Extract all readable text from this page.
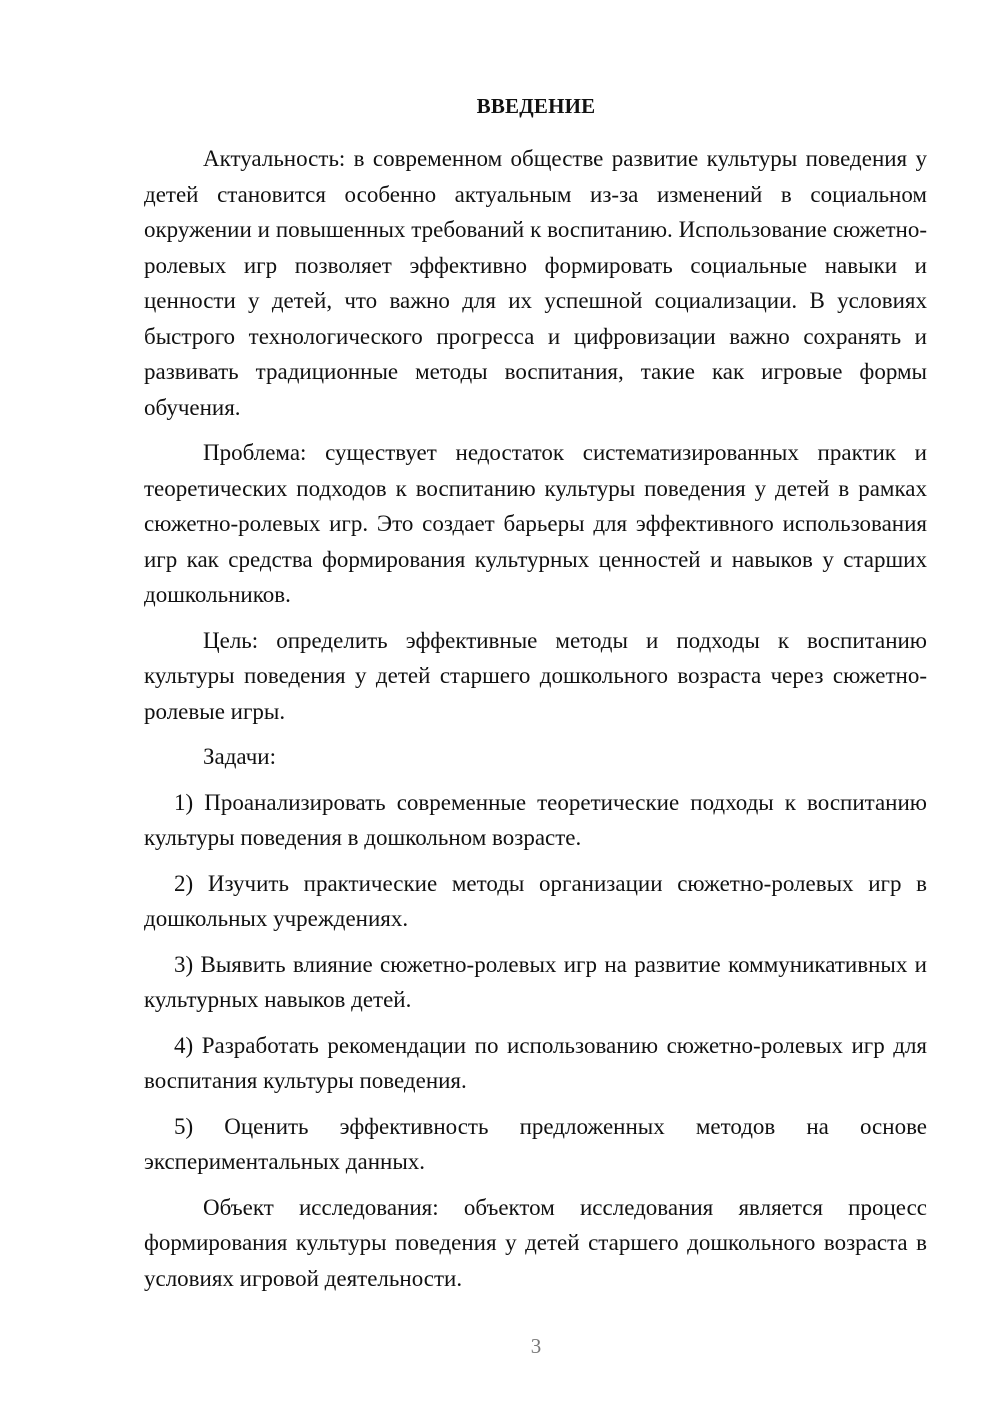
ВВЕДЕНИЕ

Актуальность: в современном обществе развитие культуры поведения у детей становится особенно актуальным из-за изменений в социальном окружении и повышенных требований к воспитанию. Использование сюжетно-ролевых игр позволяет эффективно формировать социальные навыки и ценности у детей, что важно для их успешной социализации. В условиях быстрого технологического прогресса и цифровизации важно сохранять и развивать традиционные методы воспитания, такие как игровые формы обучения.

Проблема: существует недостаток систематизированных практик и теоретических подходов к воспитанию культуры поведения у детей в рамках сюжетно-ролевых игр. Это создает барьеры для эффективного использования игр как средства формирования культурных ценностей и навыков у старших дошкольников.

Цель: определить эффективные методы и подходы к воспитанию культуры поведения у детей старшего дошкольного возраста через сюжетно-ролевые игры.

Задачи:

1) Проанализировать современные теоретические подходы к воспитанию культуры поведения в дошкольном возрасте.

2) Изучить практические методы организации сюжетно-ролевых игр в дошкольных учреждениях.

3) Выявить влияние сюжетно-ролевых игр на развитие коммуникативных и культурных навыков детей.

4) Разработать рекомендации по использованию сюжетно-ролевых игр для воспитания культуры поведения.

5) Оценить эффективность предложенных методов на основе экспериментальных данных.

Объект исследования: объектом исследования является процесс формирования культуры поведения у детей старшего дошкольного возраста в условиях игровой деятельности.

3
